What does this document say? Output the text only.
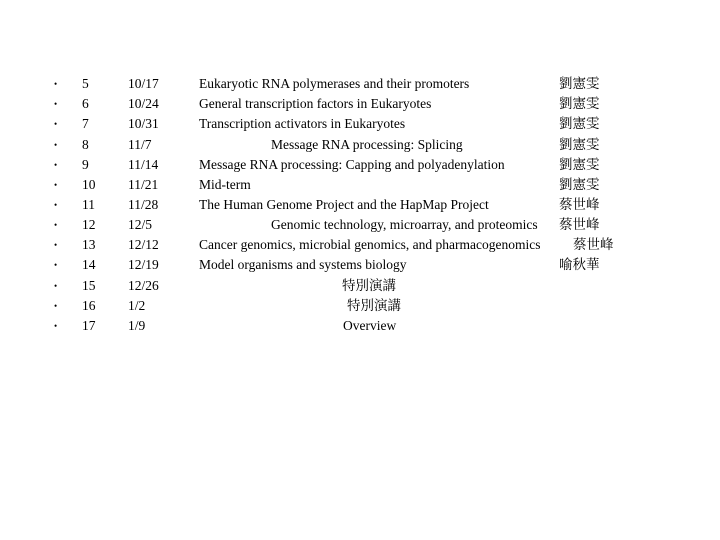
• 5	10/17	Eukaryotic RNA polymerases and their promoters	劉憲雯
• 6	10/24	General transcription factors in Eukaryotes	劉憲雯
• 7	10/31	Transcription activators in Eukaryotes	劉憲雯
• 8	11/7	Message RNA processing: Splicing	劉憲雯
• 9	11/14	Message RNA processing: Capping and polyadenylation	劉憲雯
• 10 11/21	Mid-term	劉憲雯
• 11 11/28	The Human Genome Project and the HapMap Project	蔡世峰
• 12 12/5	Genomic technology, microarray, and proteomics 蔡世峰
• 13 12/12	Cancer genomics, microbial genomics, and pharmacogenomics 蔡世峰
• 14 12/19	Model organisms and systems biology	喻秋華
• 15 12/26	特別演講
• 16 1/2	特別演講
• 17 1/9	Overview
